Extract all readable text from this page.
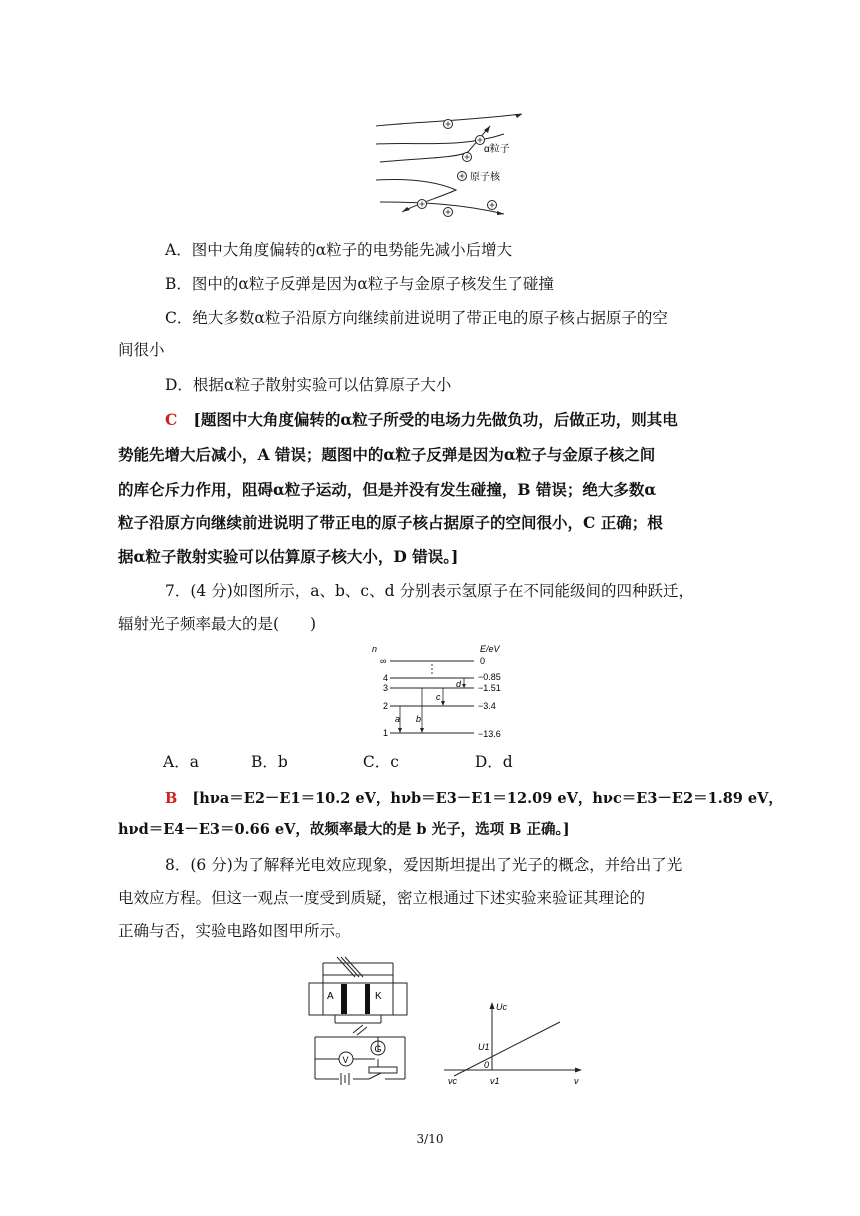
α粒子
原子核
A．图中大角度偏转的α粒子的电势能先减小后增大
B．图中的α粒子反弹是因为α粒子与金原子核发生了碰撞
C．绝大多数α粒子沿原方向继续前进说明了带正电的原子核占据原子的空
间很小
D．根据α粒子散射实验可以估算原子大小
C [题图中大角度偏转的α粒子所受的电场力先做负功，后做正功，则其电
势能先增大后减小，A 错误；题图中的α粒子反弹是因为α粒子与金原子核之间
的库仑斥力作用，阻碍α粒子运动，但是并没有发生碰撞，B 错误；绝大多数α
粒子沿原方向继续前进说明了带正电的原子核占据原子的空间很小，C 正确；根
据α粒子散射实验可以估算原子核大小，D 错误。]
7．(4 分)如图所示，a、b、c、d 分别表示氢原子在不同能级间的四种跃迁，
辐射光子频率最大的是(　　)
n	E/eV
∞
4
3
2
1
0
−0.85
−1.51
−3.4
−13.6
a b
c
d
A．a	B．b	C．c	D．d
B [hνa＝E2－E1＝10.2 eV，hνb＝E3－E1＝12.09 eV，hνc＝E3－E2＝1.89 eV，
hνd＝E4－E3＝0.66 eV，故频率最大的是 b 光子，选项 B 正确。]
8．(6 分)为了解释光电效应现象，爱因斯坦提出了光子的概念，并给出了光
电效应方程。但这一观点一度受到质疑，密立根通过下述实验来验证其理论的
正确与否，实验电路如图甲所示。
A	K
V
G
Uc
ν
U1
0
νc	ν1
3/10
